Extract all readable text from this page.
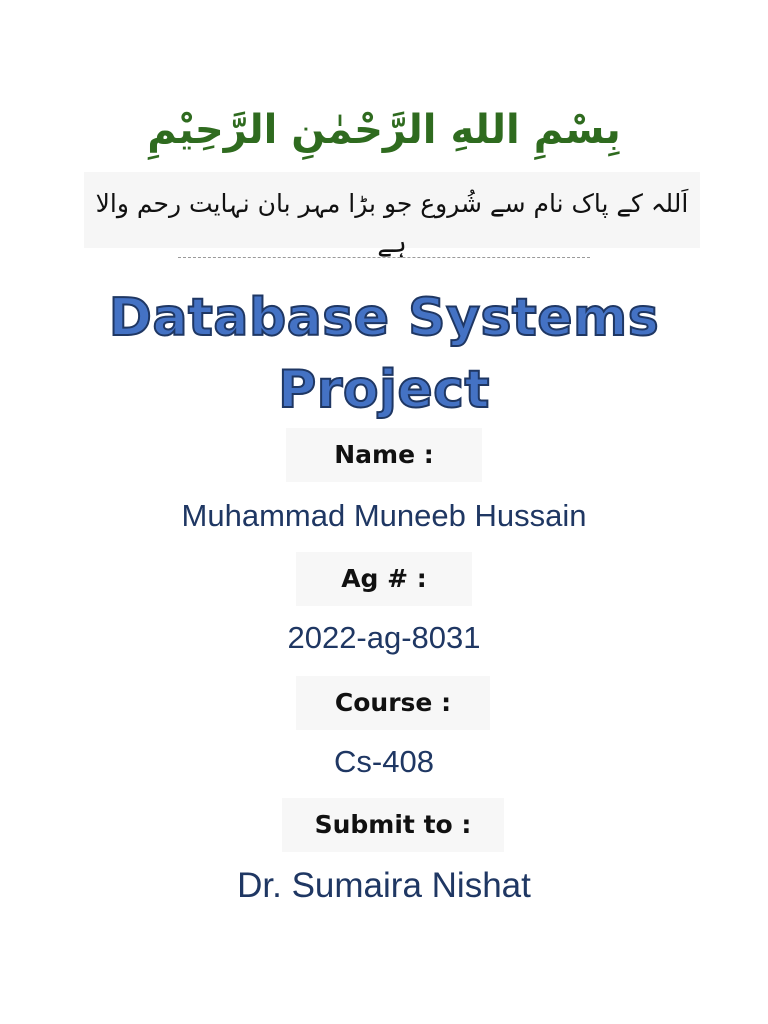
بِسْمِ اللهِ الرَّحْمٰنِ الرَّحِيْمِ
اَللہ کے پاک نام سے شُروع جو بڑا مہر بان نہایت رحم والا ہے
Database Systems
Project
Name :
Muhammad Muneeb Hussain
Ag # :
2022-ag-8031
Course :
Cs-408
Submit to :
Dr. Sumaira Nishat
